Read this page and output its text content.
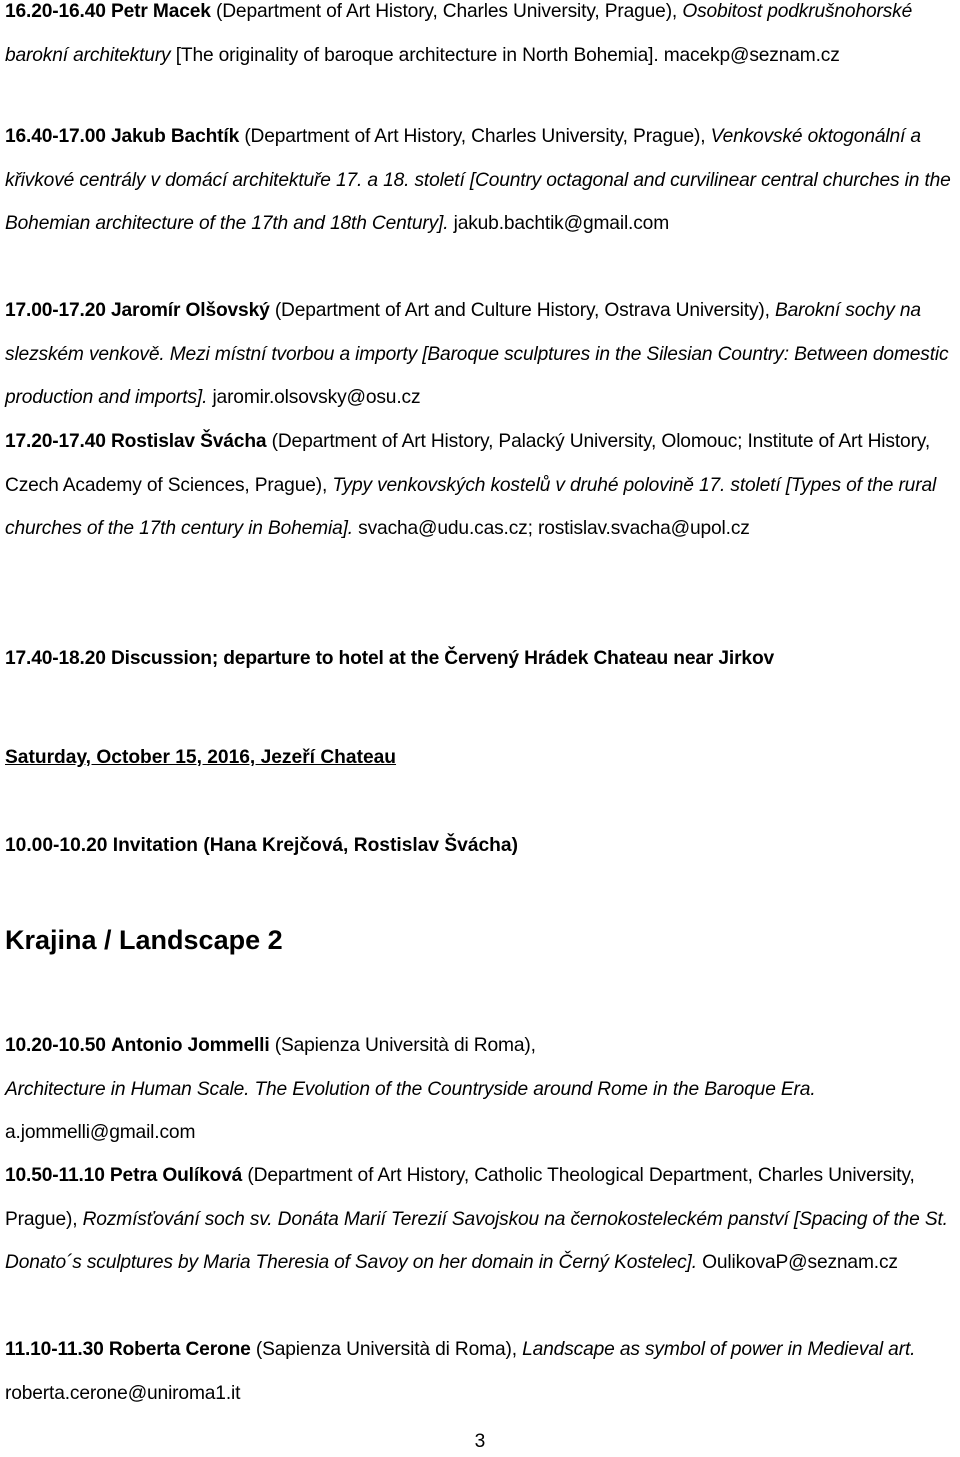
16.20-16.40 Petr Macek (Department of Art History, Charles University, Prague), Osobitost podkrušnohorské barokní architektury [The originality of baroque architecture in North Bohemia]. macekp@seznam.cz

16.40-17.00 Jakub Bachtík (Department of Art History, Charles University, Prague), Venkovské oktogonální a křivkové centrály v domácí architektuře 17. a 18. století [Country octagonal and curvilinear central churches in the Bohemian architecture of the 17th and 18th Century]. jakub.bachtik@gmail.com

17.00-17.20 Jaromír Olšovský (Department of Art and Culture History, Ostrava University), Barokní sochy na slezském venkově. Mezi místní tvorbou a importy [Baroque sculptures in the Silesian Country: Between domestic production and imports]. jaromir.olsovsky@osu.cz

17.20-17.40 Rostislav Švácha (Department of Art History, Palacký University, Olomouc; Institute of Art History, Czech Academy of Sciences, Prague), Typy venkovských kostelů v druhé polovině 17. století [Types of the rural churches of the 17th century in Bohemia]. svacha@udu.cas.cz; rostislav.svacha@upol.cz

17.40-18.20 Discussion; departure to hotel at the Červený Hrádek Chateau near Jirkov

Saturday, October 15, 2016, Jezeří Chateau

10.00-10.20 Invitation (Hana Krejčová, Rostislav Švácha)

Krajina / Landscape 2

10.20-10.50 Antonio Jommelli (Sapienza Università di Roma),
Architecture in Human Scale. The Evolution of the Countryside around Rome in the Baroque Era.
a.jommelli@gmail.com

10.50-11.10 Petra Oulíková (Department of Art History, Catholic Theological Department, Charles University, Prague), Rozmísťování soch sv. Donáta Marií Terezií Savojskou na černokosteleckém panství [Spacing of the St. Donato´s sculptures by Maria Theresia of Savoy on her domain in Černý Kostelec]. OulikovaP@seznam.cz

11.10-11.30 Roberta Cerone (Sapienza Università di Roma), Landscape as symbol of power in Medieval art. roberta.cerone@uniroma1.it

3
